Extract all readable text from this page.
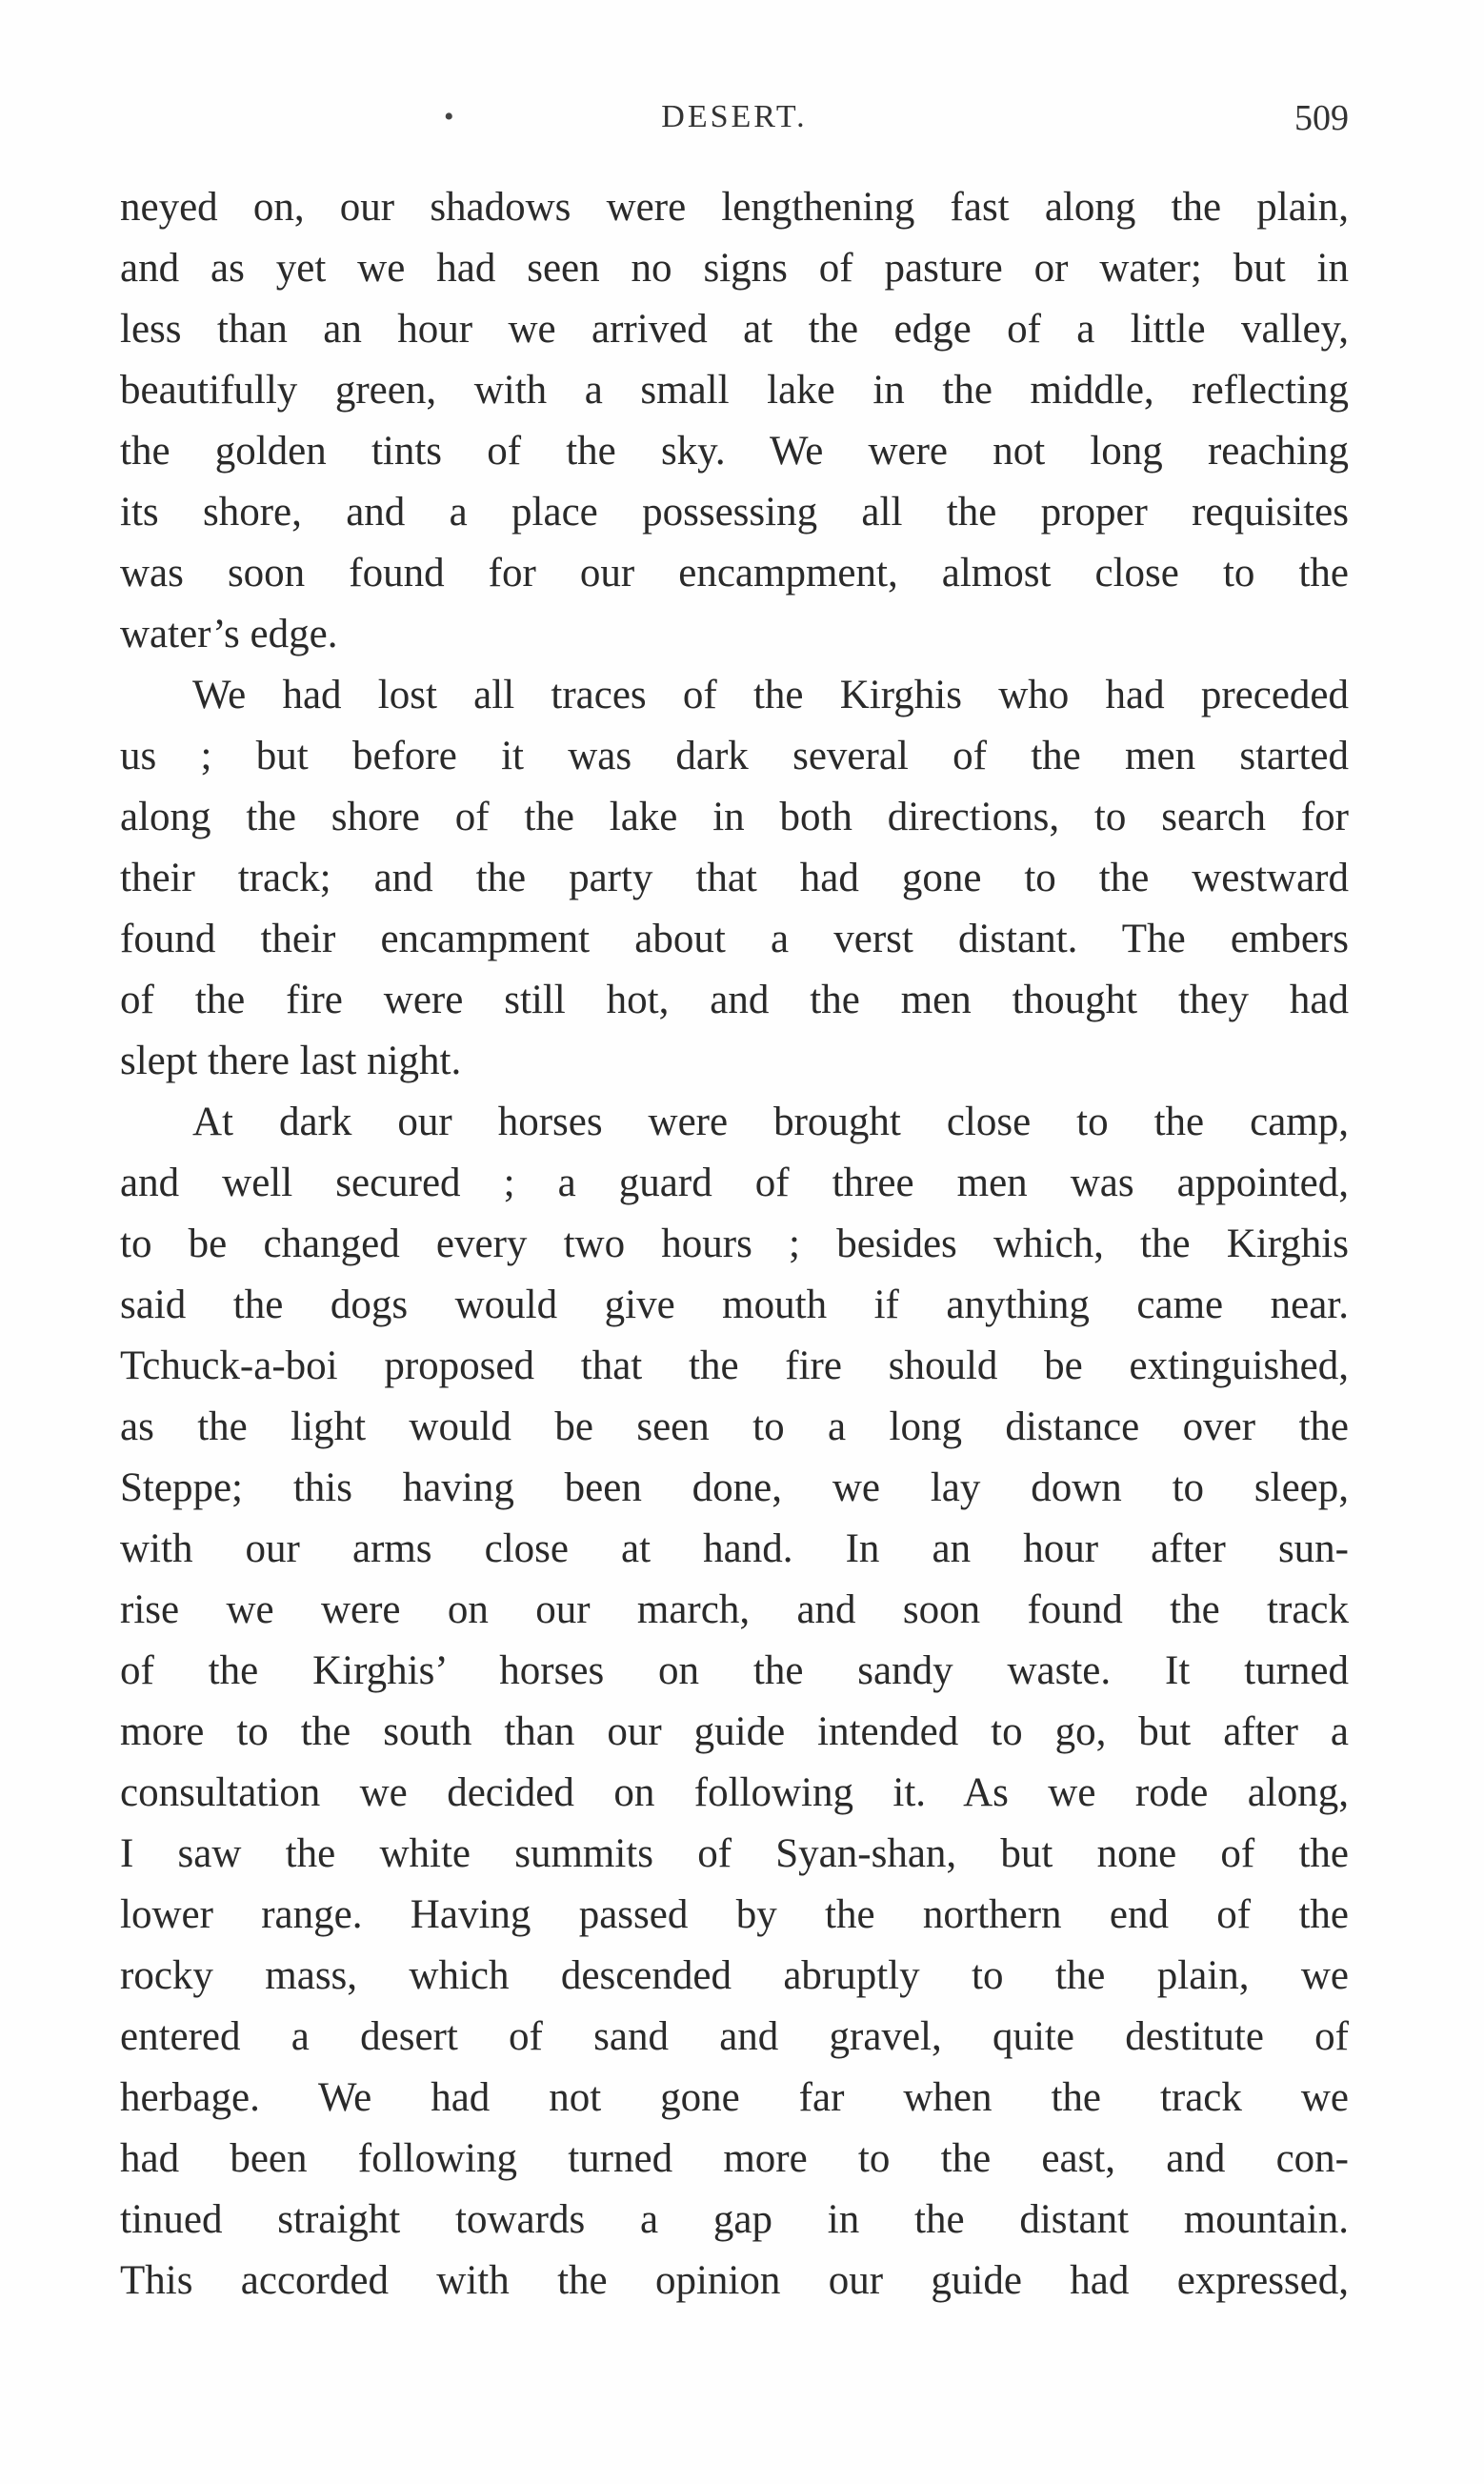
•	DESERT.	509
neyed on, our shadows were lengthening fast along the plain,
and as yet we had seen no signs of pasture or water; but in
less than an hour we arrived at the edge of a little valley,
beautifully green, with a small lake in the middle, reflecting
the golden tints of the sky. We were not long reaching
its shore, and a place possessing all the proper requisites
was soon found for our encampment, almost close to the
water’s edge.
We had lost all traces of the Kirghis who had preceded
us ; but before it was dark several of the men started
along the shore of the lake in both directions, to search for
their track; and the party that had gone to the westward
found their encampment about a verst distant. The embers
of the fire were still hot, and the men thought they had
slept there last night.
At dark our horses were brought close to the camp,
and well secured ; a guard of three men was appointed,
to be changed every two hours ; besides which, the Kirghis
said the dogs would give mouth if anything came near.
Tchuck-a-boi proposed that the fire should be extinguished,
as the light would be seen to a long distance over the
Steppe; this having been done, we lay down to sleep,
with our arms close at hand. In an hour after sun-
rise we were on our march, and soon found the track
of the Kirghis’ horses on the sandy waste. It turned
more to the south than our guide intended to go, but after a
consultation we decided on following it. As we rode along,
I saw the white summits of Syan-shan, but none of the
lower range. Having passed by the northern end of the
rocky mass, which descended abruptly to the plain, we
entered a desert of sand and gravel, quite destitute of
herbage. We had not gone far when the track we
had been following turned more to the east, and con-
tinued straight towards a gap in the distant mountain.
This accorded with the opinion our guide had expressed,
